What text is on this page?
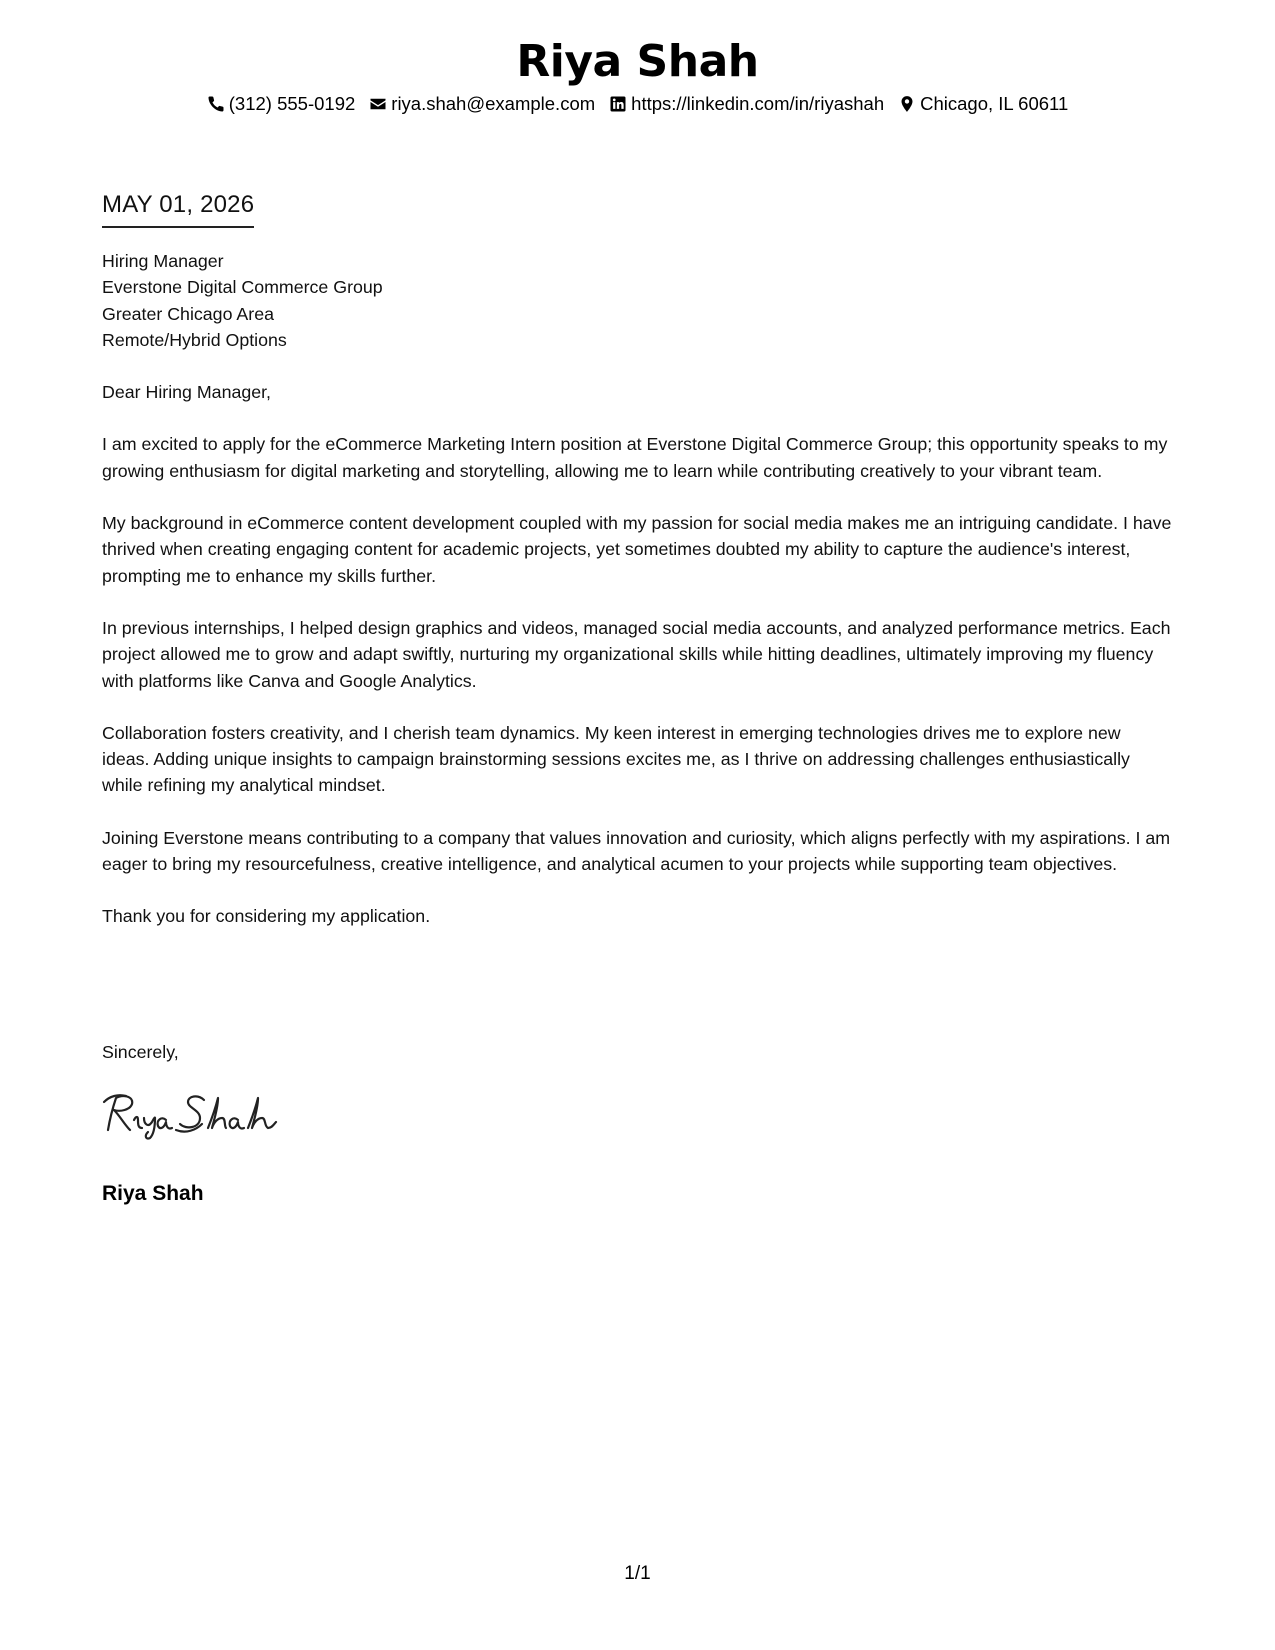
Riya Shah
(312) 555-0192 riya.shah@example.com https://linkedin.com/in/riyashah Chicago, IL 60611
MAY 01, 2026
Hiring Manager
Everstone Digital Commerce Group
Greater Chicago Area
Remote/Hybrid Options

Dear Hiring Manager,

I am excited to apply for the eCommerce Marketing Intern position at Everstone Digital Commerce Group; this opportunity speaks to my growing enthusiasm for digital marketing and storytelling, allowing me to learn while contributing creatively to your vibrant team.

My background in eCommerce content development coupled with my passion for social media makes me an intriguing candidate. I have thrived when creating engaging content for academic projects, yet sometimes doubted my ability to capture the audience's interest, prompting me to enhance my skills further.

In previous internships, I helped design graphics and videos, managed social media accounts, and analyzed performance metrics. Each project allowed me to grow and adapt swiftly, nurturing my organizational skills while hitting deadlines, ultimately improving my fluency with platforms like Canva and Google Analytics.

Collaboration fosters creativity, and I cherish team dynamics. My keen interest in emerging technologies drives me to explore new ideas. Adding unique insights to campaign brainstorming sessions excites me, as I thrive on addressing challenges enthusiastically while refining my analytical mindset.

Joining Everstone means contributing to a company that values innovation and curiosity, which aligns perfectly with my aspirations. I am eager to bring my resourcefulness, creative intelligence, and analytical acumen to your projects while supporting team objectives.

Thank you for considering my application.

Sincerely,
Riya Shah
1/1
